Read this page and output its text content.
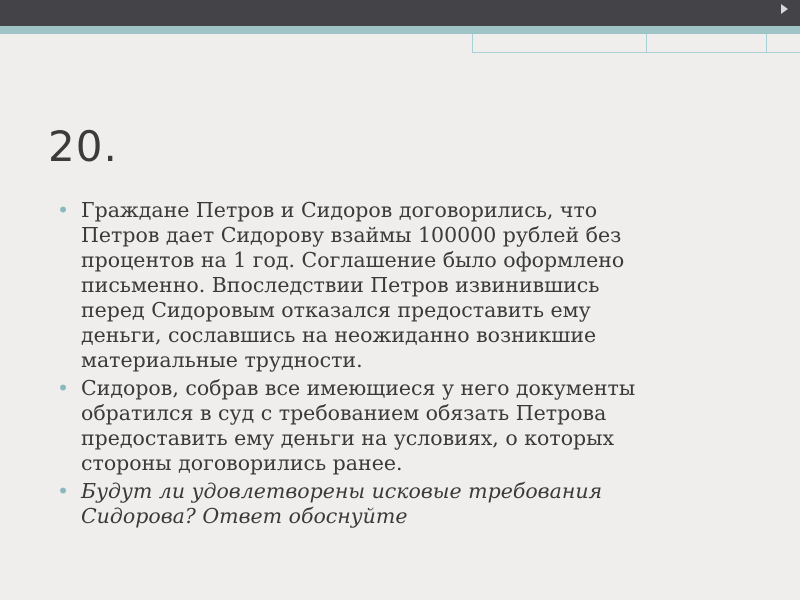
20.

• Граждане Петров и Сидоров договорились, что
Петров дает Сидорову взаймы 100000 рублей без
процентов на 1 год. Соглашение было оформлено
письменно. Впоследствии Петров извинившись
перед Сидоровым отказался предоставить ему
деньги, сославшись на неожиданно возникшие
материальные трудности.

• Сидоров, собрав все имеющиеся у него документы
обратился в суд с требованием обязать Петрова
предоставить ему деньги на условиях, о которых
стороны договорились ранее.

• Будут ли удовлетворены исковые требования
Сидорова? Ответ обоснуйте
